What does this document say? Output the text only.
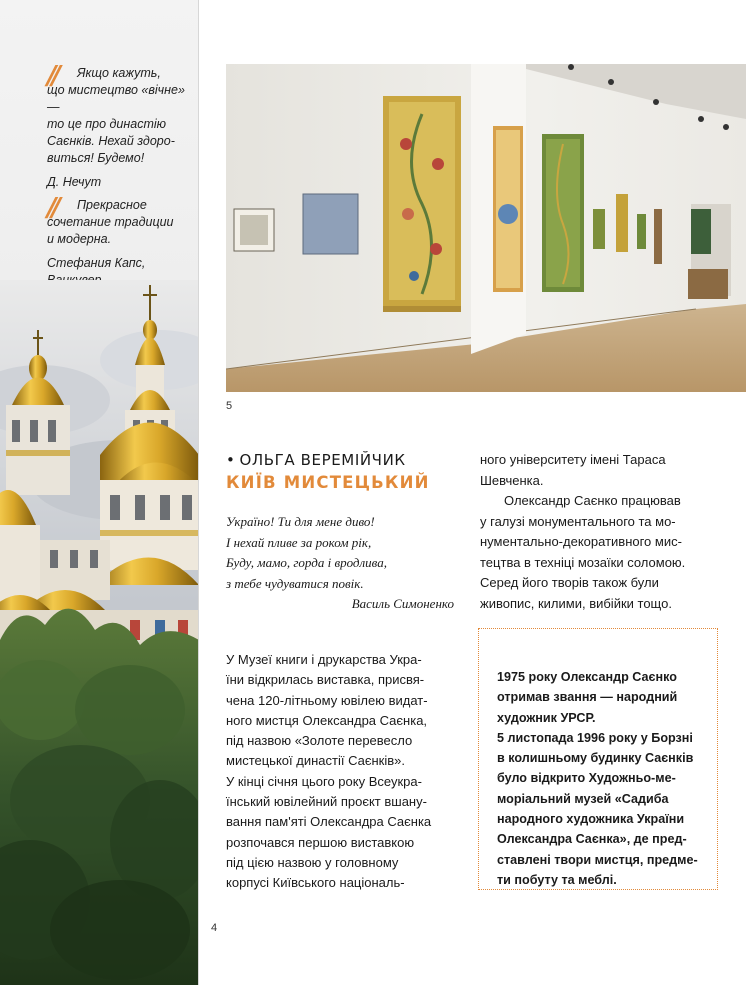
//	Якщо кажуть,
що мистецтво «вічне» —
то це про династію
Саєнків. Нехай здоро-
виться! Будемо!
Д. Нечут
//	Прекрасное
сочетание традиции
и модерна.
Стефания Капс,

5
• ОЛЬГА ВЕРЕМІЙЧИК
КИЇВ МИСТЕЦЬКИЙ
Україно! Ти для мене диво!
І нехай пливе за роком рік,
Буду, мамо, горда і вродлива,
з тебе чудуватися повік.
Василь Симоненко
У Музеї книги і друкарства Укра-
їни відкрилась виставка, присвя-
чена 120-літньому ювілею видат-
ного мистця Олександра Саєнка,
під назвою «Золоте перевесло
мистецької династії Саєнків».
У кінці січня цього року Всеукра-
їнський ювілейний проєкт вшану-
вання пам'яті Олександра Саєнка
розпочався першою виставкою
під цією назвою у головному
корпусі Київського національ-
ного університету імені Тараса
Шевченка.
Олександр Саєнко працював
у галузі монументального та мо-
нументально-декоративного мис-
тецтва в техніці мозаїки соломою.
Серед його творів також були
живопис, килими, вибійки тощо.
1975 року Олександр Саєнко
отримав звання — народний
художник УРСР.
5 листопада 1996 року у Борзні
в колишньому будинку Саєнків
було відкрито Художньо-ме-
моріальний музей «Садиба
народного художника України
Олександра Саєнка», де пред-
ставлені твори мистця, предме-
ти побуту та меблі.
4
